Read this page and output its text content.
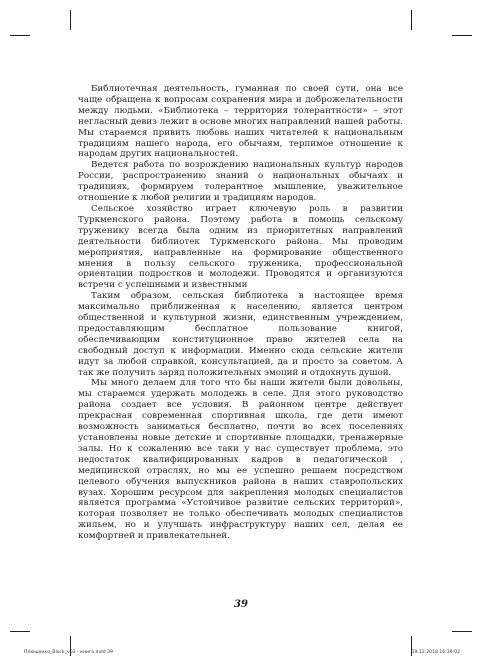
Библиотечная деятельность, гуманная по своей сути, она все чаще обращена к вопросам сохранения мира и доброжелательности между людьми. «Библиотека – территория толерантности» – этот негласный девиз лежит в основе многих направлений нашей работы. Мы стараемся привить любовь наших читателей к национальным традициям нашего народа, его обычаям, терпимое отношение к народам других национальностей.

Ведется работа по возрождению национальных культур народов России, распространению знаний о национальных обычаях и традициях, формируем толерантное мышление, уважительное отношение к любой религии и традициям народов.

Сельское хозяйство играет ключевую роль в развитии Туркменского района. Поэтому работа в помощь сельскому труженику всегда была одним из приоритетных направлений деятельности библиотек Туркменского района. Мы проводим мероприятия, направленные на формирование общественного мнения в пользу сельского труженика, профессиональной ориентации подростков и молодежи. Проводятся и организуются встречи с успешными и известными

Таким образом, сельская библиотека в настоящее время максимально приближенная к населению, является центром общественной и культурной жизни, единственным учреждением, предоставляющим бесплатное пользование книгой, обеспечивающим конституционное право жителей села на свободный доступ к информации. Именно сюда сельские жители идут за любой справкой, консультацией, да и просто за советом. А так же получить заряд положительных эмоций и отдохнуть душой.

Мы много делаем для того что бы наши жители были довольны, мы стараемся удержать молодежь в селе. Для этого руководство района создает все условия. В районном центре действует прекрасная современная спортивная школа, где дети имеют возможность заниматься бесплатно, почти во всех поселениях установлены новые детские и спортивные площадки, тренажерные залы. Но к сожалению все таки у нас существует проблема, это недостаток квалифицированных кадров в педагогической , медицинской отраслях, но мы ее успешно решаем посредством целевого обучения выпускников района в наших ставропольских вузах. Хорошим ресурсом для закрепления молодых специалистов является программа «Устойчивое развитие сельских территорий», которая позволяет не только обеспечивать молодых специалистов жильем, но и улучшать инфраструктуру наших сел, делая ее комфортней и привлекательней.

39
Плющенко_Block_v02 - книга.indd 39	19.12.2018 16:39:02
